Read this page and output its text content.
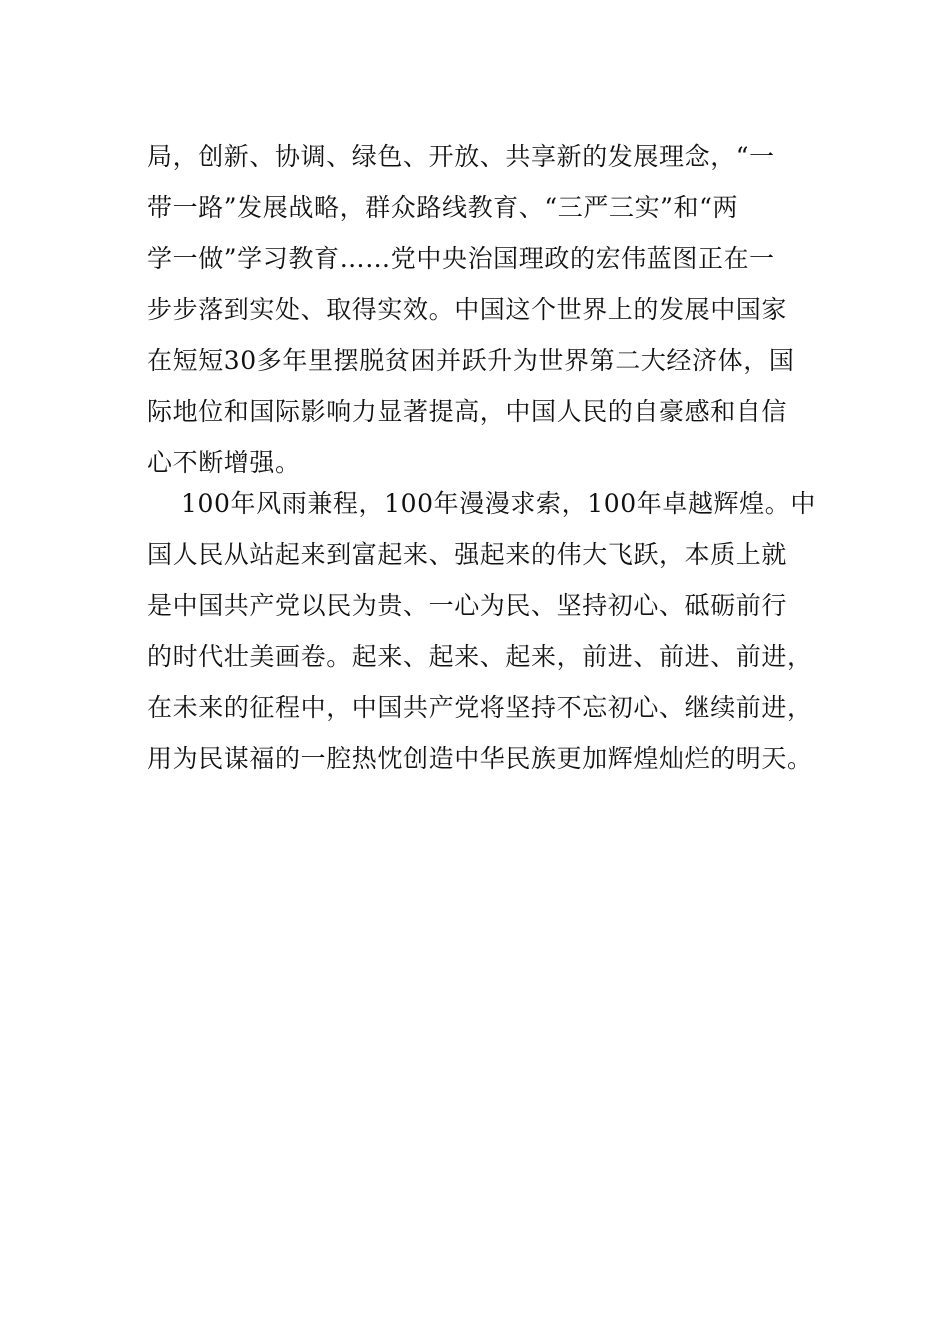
局，创新、协调、绿色、开放、共享新的发展理念，“一
带一路”发展战略，群众路线教育、“三严三实”和“两
学一做”学习教育……党中央治国理政的宏伟蓝图正在一
步步落到实处、取得实效。中国这个世界上的发展中国家
在短短30多年里摆脱贫困并跃升为世界第二大经济体，国
际地位和国际影响力显著提高，中国人民的自豪感和自信
心不断增强。
100年风雨兼程，100年漫漫求索，100年卓越辉煌。中
国人民从站起来到富起来、强起来的伟大飞跃，本质上就
是中国共产党以民为贵、一心为民、坚持初心、砥砺前行
的时代壮美画卷。起来、起来、起来，前进、前进、前进，
在未来的征程中，中国共产党将坚持不忘初心、继续前进，
用为民谋福的一腔热忱创造中华民族更加辉煌灿烂的明天。
